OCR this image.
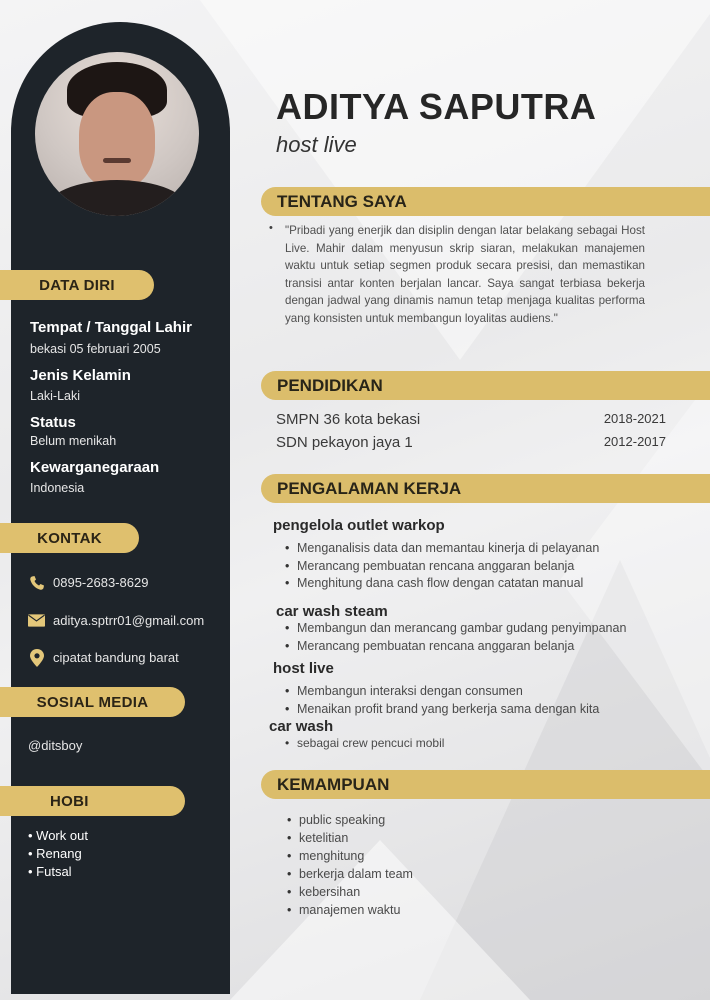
DATA DIRI
Tempat / Tanggal Lahir
bekasi 05 februari 2005
Jenis Kelamin
Laki-Laki
Status
Belum menikah
Kewarganegaraan
Indonesia
KONTAK
0895-2683-8629
aditya.sptrr01@gmail.com
cipatat bandung barat
SOSIAL MEDIA
@ditsboy
HOBI
• Work out
• Renang
• Futsal
ADITYA SAPUTRA
host live
TENTANG SAYA
• "Pribadi yang enerjik dan disiplin dengan latar belakang sebagai Host Live. Mahir dalam menyusun skrip siaran, melakukan manajemen waktu untuk setiap segmen produk secara presisi, dan memastikan transisi antar konten berjalan lancar. Saya sangat terbiasa bekerja dengan jadwal yang dinamis namun tetap menjaga kualitas performa yang konsisten untuk membangun loyalitas audiens."
PENDIDIKAN
SMPN 36 kota bekasi	2018-2021
SDN pekayon jaya 1	2012-2017
PENGALAMAN KERJA
pengelola outlet warkop
• Menganalisis data dan memantau kinerja di pelayanan
• Merancang pembuatan rencana anggaran belanja
• Menghitung dana cash flow dengan catatan manual
car wash steam
• Membangun dan merancang gambar gudang penyimpanan
• Merancang pembuatan rencana anggaran belanja
host live
• Membangun interaksi dengan consumen
• Menaikan profit brand yang berkerja sama dengan kita
car wash
• sebagai crew pencuci mobil
KEMAMPUAN
• public speaking
• ketelitian
• menghitung
• berkerja dalam team
• kebersihan
• manajemen waktu
